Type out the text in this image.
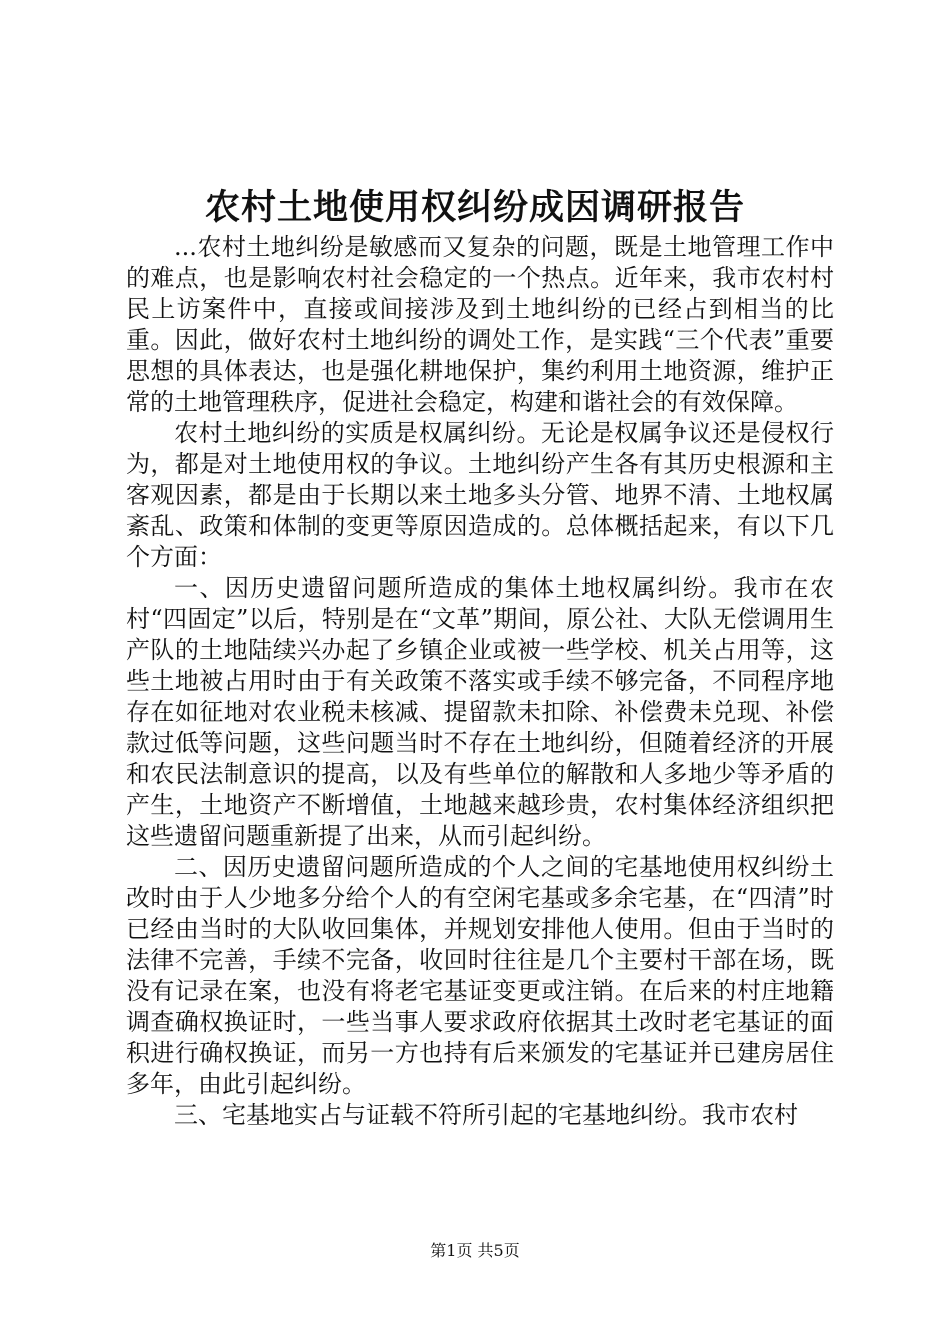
农村土地使用权纠纷成因调研报告

...农村土地纠纷是敏感而又复杂的问题，既是土地管理工作中的难点，也是影响农村社会稳定的一个热点。近年来，我市农村村民上访案件中，直接或间接涉及到土地纠纷的已经占到相当的比重。因此，做好农村土地纠纷的调处工作，是实践“三个代表”重要思想的具体表达，也是强化耕地保护，集约利用土地资源，维护正常的土地管理秩序，促进社会稳定，构建和谐社会的有效保障。

农村土地纠纷的实质是权属纠纷。无论是权属争议还是侵权行为，都是对土地使用权的争议。土地纠纷产生各有其历史根源和主客观因素，都是由于长期以来土地多头分管、地界不清、土地权属紊乱、政策和体制的变更等原因造成的。总体概括起来，有以下几个方面：

一、因历史遗留问题所造成的集体土地权属纠纷。我市在农村“四固定”以后，特别是在“文革”期间，原公社、大队无偿调用生产队的土地陆续兴办起了乡镇企业或被一些学校、机关占用等，这些土地被占用时由于有关政策不落实或手续不够完备，不同程序地存在如征地对农业税未核减、提留款未扣除、补偿费未兑现、补偿款过低等问题，这些问题当时不存在土地纠纷，但随着经济的开展和农民法制意识的提高，以及有些单位的解散和人多地少等矛盾的产生，土地资产不断增值，土地越来越珍贵，农村集体经济组织把这些遗留问题重新提了出来，从而引起纠纷。

二、因历史遗留问题所造成的个人之间的宅基地使用权纠纷土改时由于人少地多分给个人的有空闲宅基或多余宅基，在“四清”时已经由当时的大队收回集体，并规划安排他人使用。但由于当时的法律不完善，手续不完备，收回时往往是几个主要村干部在场，既没有记录在案，也没有将老宅基证变更或注销。在后来的村庄地籍调查确权换证时，一些当事人要求政府依据其土改时老宅基证的面积进行确权换证，而另一方也持有后来颁发的宅基证并已建房居住多年，由此引起纠纷。

三、宅基地实占与证载不符所引起的宅基地纠纷。我市农村

第1页 共5页
